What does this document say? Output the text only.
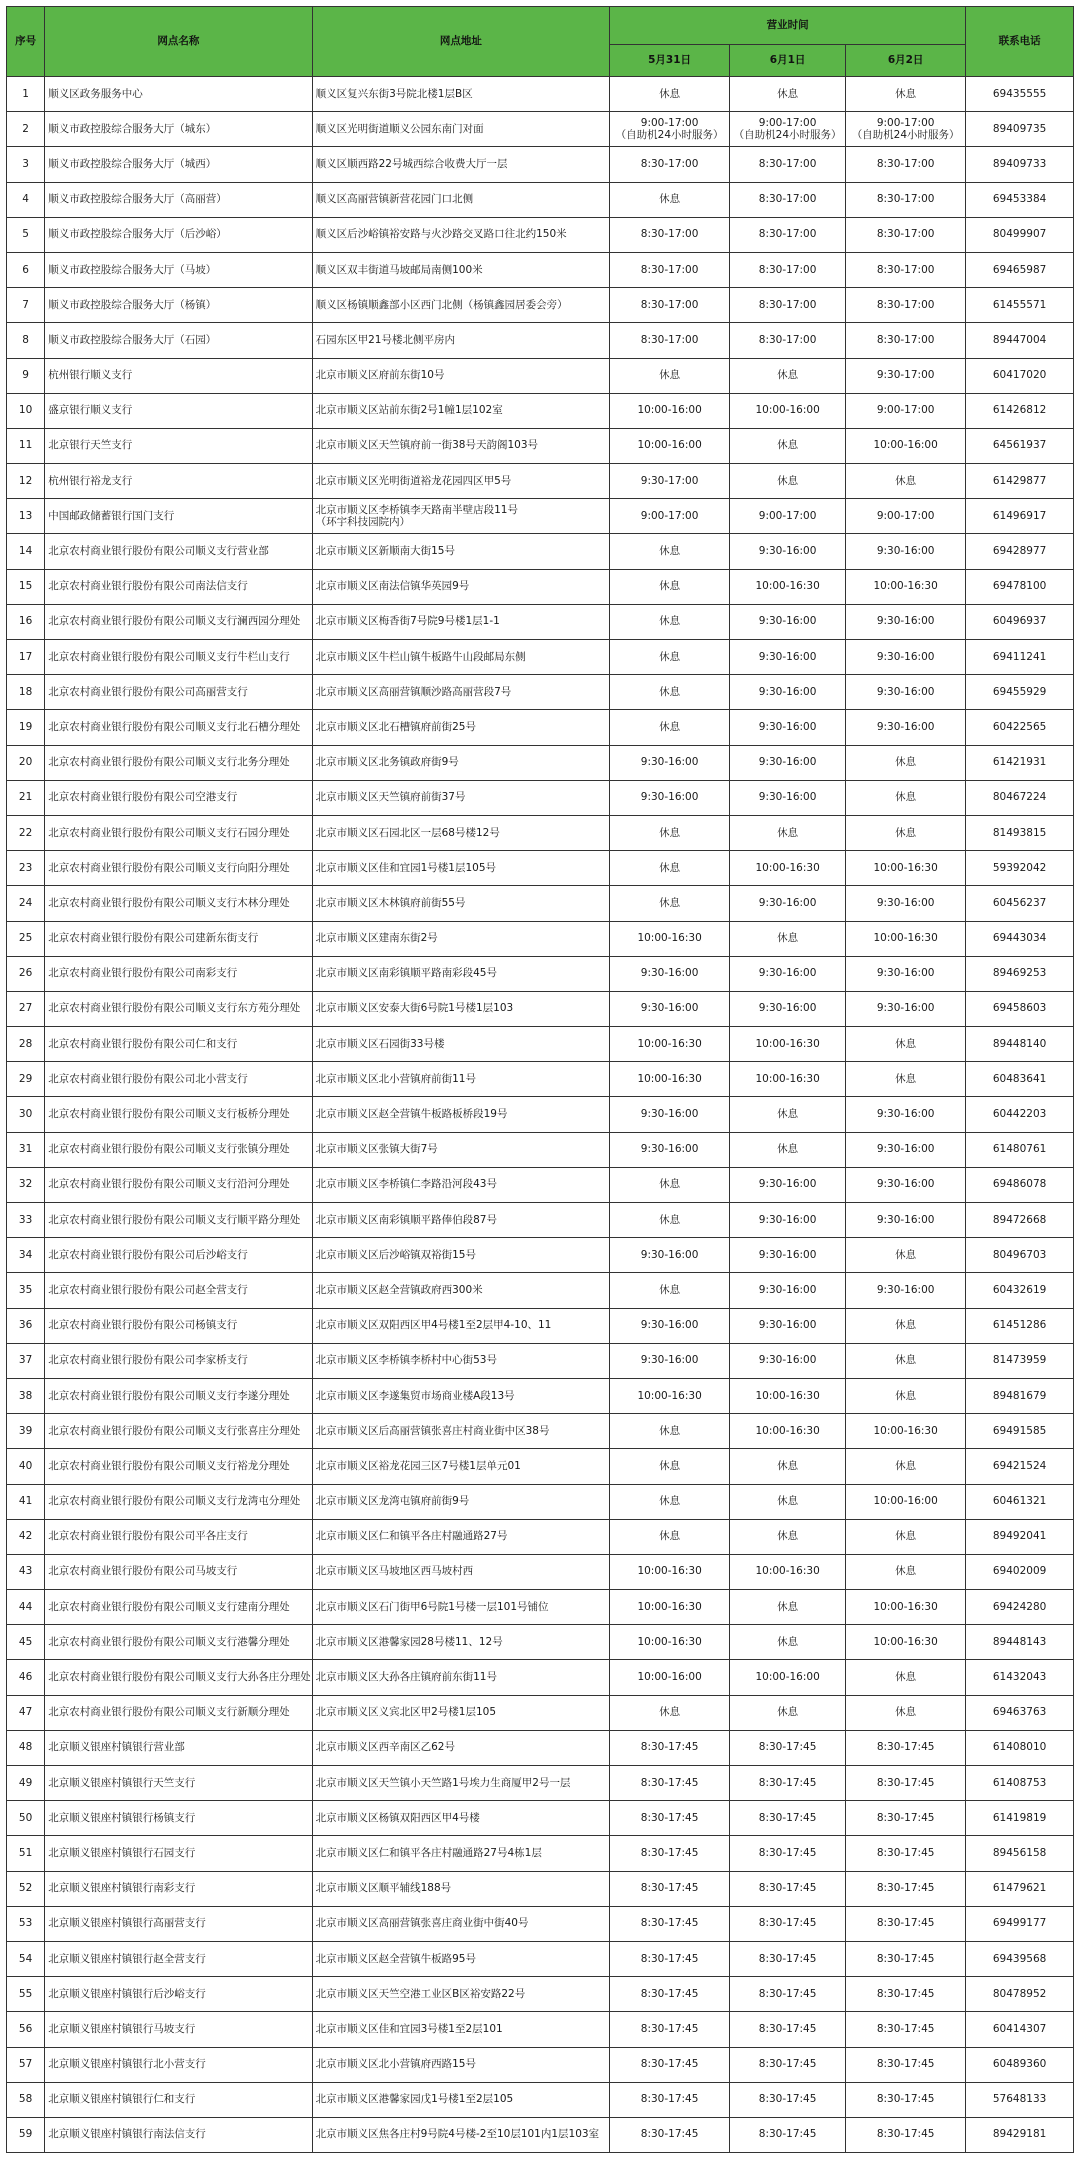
序号	网点名称	网点地址	营业时间			联系电话
			5月31日	6月1日	6月2日	
1	顺义区政务服务中心	顺义区复兴东街3号院北楼1层B区	休息	休息	休息	69435555
2	顺义市政控股综合服务大厅（城东）	顺义区光明街道顺义公园东南门对面	9:00-17:00
（自助机24小时服务）	9:00-17:00
（自助机24小时服务）	9:00-17:00
（自助机24小时服务）	89409735
3	顺义市政控股综合服务大厅（城西）	顺义区顺西路22号城西综合收费大厅一层	8:30-17:00	8:30-17:00	8:30-17:00	89409733
4	顺义市政控股综合服务大厅（高丽营）	顺义区高丽营镇新营花园门口北侧	休息	8:30-17:00	8:30-17:00	69453384
5	顺义市政控股综合服务大厅（后沙峪）	顺义区后沙峪镇裕安路与火沙路交叉路口往北约150米	8:30-17:00	8:30-17:00	8:30-17:00	80499907
6	顺义市政控股综合服务大厅（马坡）	顺义区双丰街道马坡邮局南侧100米	8:30-17:00	8:30-17:00	8:30-17:00	69465987
7	顺义市政控股综合服务大厅（杨镇）	顺义区杨镇顺鑫部小区西门北侧（杨镇鑫园居委会旁）	8:30-17:00	8:30-17:00	8:30-17:00	61455571
8	顺义市政控股综合服务大厅（石园）	石园东区甲21号楼北侧平房内	8:30-17:00	8:30-17:00	8:30-17:00	89447004
9	杭州银行顺义支行	北京市顺义区府前东街10号	休息	休息	9:30-17:00	60417020
10	盛京银行顺义支行	北京市顺义区站前东街2号1幢1层102室	10:00-16:00	10:00-16:00	9:00-17:00	61426812
11	北京银行天竺支行	北京市顺义区天竺镇府前一街38号天韵阁103号	10:00-16:00	休息	10:00-16:00	64561937
12	杭州银行裕龙支行	北京市顺义区光明街道裕龙花园四区甲5号	9:30-17:00	休息	休息	61429877
13	中国邮政储蓄银行国门支行	北京市顺义区李桥镇李天路南半壁店段11号
（环宇科技园院内）	9:00-17:00	9:00-17:00	9:00-17:00	61496917
14	北京农村商业银行股份有限公司顺义支行营业部	北京市顺义区新顺南大街15号	休息	9:30-16:00	9:30-16:00	69428977
15	北京农村商业银行股份有限公司南法信支行	北京市顺义区南法信镇华英园9号	休息	10:00-16:30	10:00-16:30	69478100
16	北京农村商业银行股份有限公司顺义支行澜西园分理处	北京市顺义区梅香街7号院9号楼1层1-1	休息	9:30-16:00	9:30-16:00	60496937
17	北京农村商业银行股份有限公司顺义支行牛栏山支行	北京市顺义区牛栏山镇牛板路牛山段邮局东侧	休息	9:30-16:00	9:30-16:00	69411241
18	北京农村商业银行股份有限公司高丽营支行	北京市顺义区高丽营镇顺沙路高丽营段7号	休息	9:30-16:00	9:30-16:00	69455929
19	北京农村商业银行股份有限公司顺义支行北石槽分理处	北京市顺义区北石槽镇府前街25号	休息	9:30-16:00	9:30-16:00	60422565
20	北京农村商业银行股份有限公司顺义支行北务分理处	北京市顺义区北务镇政府街9号	9:30-16:00	9:30-16:00	休息	61421931
21	北京农村商业银行股份有限公司空港支行	北京市顺义区天竺镇府前街37号	9:30-16:00	9:30-16:00	休息	80467224
22	北京农村商业银行股份有限公司顺义支行石园分理处	北京市顺义区石园北区一层68号楼12号	休息	休息	休息	81493815
23	北京农村商业银行股份有限公司顺义支行向阳分理处	北京市顺义区佳和宜园1号楼1层105号	休息	10:00-16:30	10:00-16:30	59392042
24	北京农村商业银行股份有限公司顺义支行木林分理处	北京市顺义区木林镇府前街55号	休息	9:30-16:00	9:30-16:00	60456237
25	北京农村商业银行股份有限公司建新东街支行	北京市顺义区建南东街2号	10:00-16:30	休息	10:00-16:30	69443034
26	北京农村商业银行股份有限公司南彩支行	北京市顺义区南彩镇顺平路南彩段45号	9:30-16:00	9:30-16:00	9:30-16:00	89469253
27	北京农村商业银行股份有限公司顺义支行东方苑分理处	北京市顺义区安泰大街6号院1号楼1层103	9:30-16:00	9:30-16:00	9:30-16:00	69458603
28	北京农村商业银行股份有限公司仁和支行	北京市顺义区石园街33号楼	10:00-16:30	10:00-16:30	休息	89448140
29	北京农村商业银行股份有限公司北小营支行	北京市顺义区北小营镇府前街11号	10:00-16:30	10:00-16:30	休息	60483641
30	北京农村商业银行股份有限公司顺义支行板桥分理处	北京市顺义区赵全营镇牛板路板桥段19号	9:30-16:00	休息	9:30-16:00	60442203
31	北京农村商业银行股份有限公司顺义支行张镇分理处	北京市顺义区张镇大街7号	9:30-16:00	休息	9:30-16:00	61480761
32	北京农村商业银行股份有限公司顺义支行沿河分理处	北京市顺义区李桥镇仁李路沿河段43号	休息	9:30-16:00	9:30-16:00	69486078
33	北京农村商业银行股份有限公司顺义支行顺平路分理处	北京市顺义区南彩镇顺平路俸伯段87号	休息	9:30-16:00	9:30-16:00	89472668
34	北京农村商业银行股份有限公司后沙峪支行	北京市顺义区后沙峪镇双裕街15号	9:30-16:00	9:30-16:00	休息	80496703
35	北京农村商业银行股份有限公司赵全营支行	北京市顺义区赵全营镇政府西300米	休息	9:30-16:00	9:30-16:00	60432619
36	北京农村商业银行股份有限公司杨镇支行	北京市顺义区双阳西区甲4号楼1至2层甲4-10、11	9:30-16:00	9:30-16:00	休息	61451286
37	北京农村商业银行股份有限公司李家桥支行	北京市顺义区李桥镇李桥村中心街53号	9:30-16:00	9:30-16:00	休息	81473959
38	北京农村商业银行股份有限公司顺义支行李遂分理处	北京市顺义区李遂集贸市场商业楼A段13号	10:00-16:30	10:00-16:30	休息	89481679
39	北京农村商业银行股份有限公司顺义支行张喜庄分理处	北京市顺义区后高丽营镇张喜庄村商业街中区38号	休息	10:00-16:30	10:00-16:30	69491585
40	北京农村商业银行股份有限公司顺义支行裕龙分理处	北京市顺义区裕龙花园三区7号楼1层单元01	休息	休息	休息	69421524
41	北京农村商业银行股份有限公司顺义支行龙湾屯分理处	北京市顺义区龙湾屯镇府前街9号	休息	休息	10:00-16:00	60461321
42	北京农村商业银行股份有限公司平各庄支行	北京市顺义区仁和镇平各庄村融通路27号	休息	休息	休息	89492041
43	北京农村商业银行股份有限公司马坡支行	北京市顺义区马坡地区西马坡村西	10:00-16:30	10:00-16:30	休息	69402009
44	北京农村商业银行股份有限公司顺义支行建南分理处	北京市顺义区石门街甲6号院1号楼一层101号铺位	10:00-16:30	休息	10:00-16:30	69424280
45	北京农村商业银行股份有限公司顺义支行港馨分理处	北京市顺义区港馨家园28号楼11、12号	10:00-16:30	休息	10:00-16:30	89448143
46	北京农村商业银行股份有限公司顺义支行大孙各庄分理处	北京市顺义区大孙各庄镇府前东街11号	10:00-16:00	10:00-16:00	休息	61432043
47	北京农村商业银行股份有限公司顺义支行新顺分理处	北京市顺义区义宾北区甲2号楼1层105	休息	休息	休息	69463763
48	北京顺义银座村镇银行营业部	北京市顺义区西辛南区乙62号	8:30-17:45	8:30-17:45	8:30-17:45	61408010
49	北京顺义银座村镇银行天竺支行	北京市顺义区天竺镇小天竺路1号埃力生商厦甲2号一层	8:30-17:45	8:30-17:45	8:30-17:45	61408753
50	北京顺义银座村镇银行杨镇支行	北京市顺义区杨镇双阳西区甲4号楼	8:30-17:45	8:30-17:45	8:30-17:45	61419819
51	北京顺义银座村镇银行石园支行	北京市顺义区仁和镇平各庄村融通路27号4栋1层	8:30-17:45	8:30-17:45	8:30-17:45	89456158
52	北京顺义银座村镇银行南彩支行	北京市顺义区顺平辅线188号	8:30-17:45	8:30-17:45	8:30-17:45	61479621
53	北京顺义银座村镇银行高丽营支行	北京市顺义区高丽营镇张喜庄商业街中街40号	8:30-17:45	8:30-17:45	8:30-17:45	69499177
54	北京顺义银座村镇银行赵全营支行	北京市顺义区赵全营镇牛板路95号	8:30-17:45	8:30-17:45	8:30-17:45	69439568
55	北京顺义银座村镇银行后沙峪支行	北京市顺义区天竺空港工业区B区裕安路22号	8:30-17:45	8:30-17:45	8:30-17:45	80478952
56	北京顺义银座村镇银行马坡支行	北京市顺义区佳和宜园3号楼1至2层101	8:30-17:45	8:30-17:45	8:30-17:45	60414307
57	北京顺义银座村镇银行北小营支行	北京市顺义区北小营镇府西路15号	8:30-17:45	8:30-17:45	8:30-17:45	60489360
58	北京顺义银座村镇银行仁和支行	北京市顺义区港馨家园戊1号楼1至2层105	8:30-17:45	8:30-17:45	8:30-17:45	57648133
59	北京顺义银座村镇银行南法信支行	北京市顺义区焦各庄村9号院4号楼-2至10层101内1层103室	8:30-17:45	8:30-17:45	8:30-17:45	89429181
